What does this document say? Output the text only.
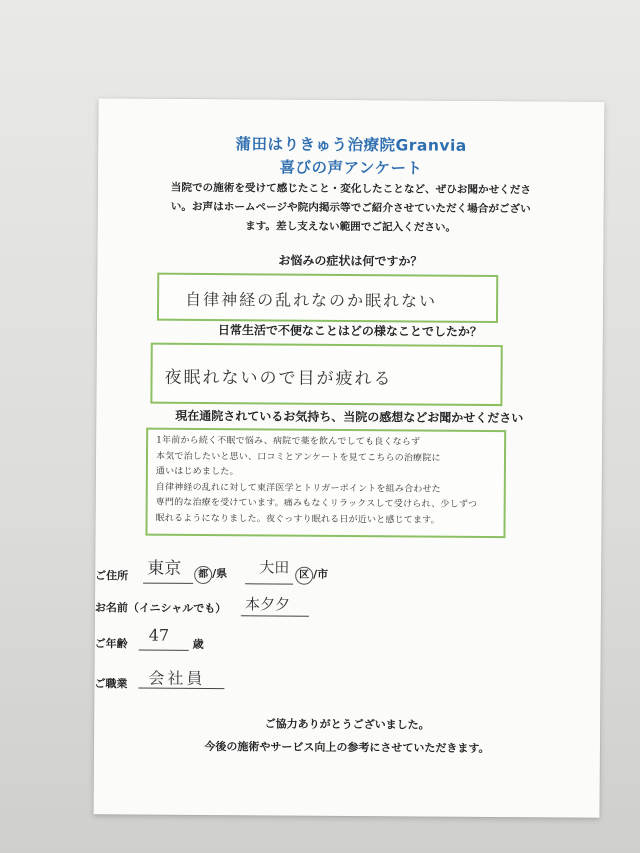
蒲田はりきゅう治療院Granvia
喜びの声アンケート
当院での施術を受けて感じたこと・変化したことなど、ぜひお聞かせくださ
い。お声はホームページや院内掲示等でご紹介させていただく場合がござい
ます。差し支えない範囲でご記入ください。
お悩みの症状は何ですか？
自律神経の乱れなのか眠れない
日常生活で不便なことはどの様なことでしたか？
夜眠れないので目が疲れる
現在通院されているお気持ち、当院の感想などお聞かせください
1年前から続く不眠で悩み、病院で薬を飲んでしても良くならず
本気で治したいと思い、口コミとアンケートを見てこちらの治療院に
通いはじめました。
自律神経の乱れに対して東洋医学とトリガーポイントを組み合わせた
専門的な治療を受けています。痛みもなくリラックスして受けられ、少しずつ
眠れるようになりました。夜ぐっすり眠れる日が近いと感じてます。
ご住所 東京	都 /県 大田 区 /市
お名前（イニシャルでも） 本夕夕
ご年齢 47 歳
ご職業 会社員
ご協力ありがとうございました。
今後の施術やサービス向上の参考にさせていただきます。
